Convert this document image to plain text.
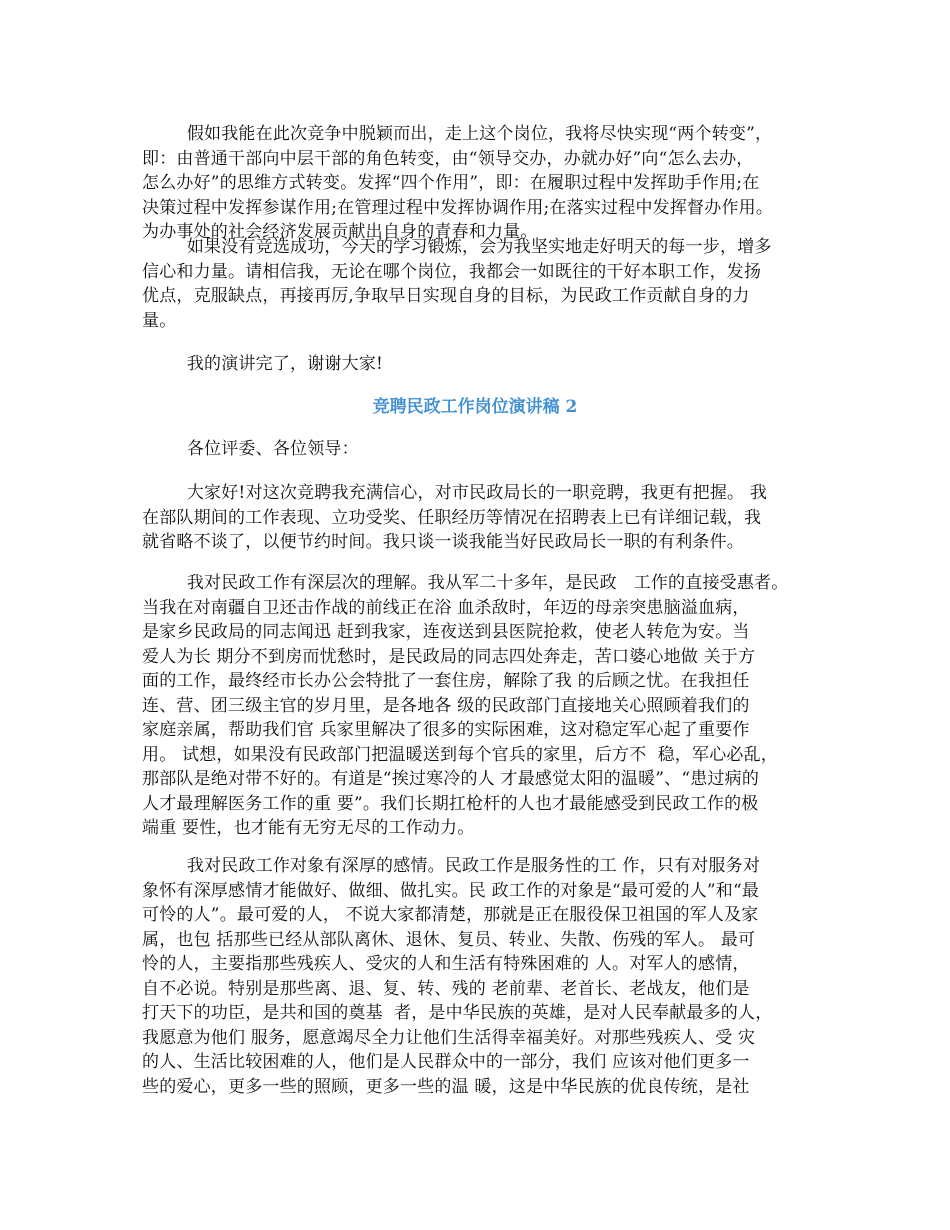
假如我能在此次竞争中脱颖而出，走上这个岗位，我将尽快实现“两个转变”，
即：由普通干部向中层干部的角色转变，由“领导交办，办就办好”向“怎么去办，
怎么办好”的思维方式转变。发挥“四个作用”，即：在履职过程中发挥助手作用;在
决策过程中发挥参谋作用;在管理过程中发挥协调作用;在落实过程中发挥督办作用。
为办事处的社会经济发展贡献出自身的青春和力量。
如果没有竞选成功，今天的学习锻炼，会为我坚实地走好明天的每一步，增多
信心和力量。请相信我，无论在哪个岗位，我都会一如既往的干好本职工作，发扬
优点，克服缺点，再接再厉,争取早日实现自身的目标，为民政工作贡献自身的力
量。
我的演讲完了，谢谢大家!
竞聘民政工作岗位演讲稿 2
各位评委、各位领导：
大家好!对这次竞聘我充满信心，对市民政局长的一职竞聘，我更有把握。 我
在部队期间的工作表现、立功受奖、任职经历等情况在招聘表上已有详细记载，我
就省略不谈了，以便节约时间。我只谈一谈我能当好民政局长一职的有利条件。
我对民政工作有深层次的理解。我从军二十多年，是民政   工作的直接受惠者。
当我在对南疆自卫还击作战的前线正在浴 血杀敌时，年迈的母亲突患脑溢血病，
是家乡民政局的同志闻迅 赶到我家，连夜送到县医院抢救，使老人转危为安。当
爱人为长 期分不到房而忧愁时，是民政局的同志四处奔走，苦口婆心地做 关于方
面的工作，最终经市长办公会特批了一套住房，解除了我 的后顾之忧。在我担任
连、营、团三级主官的岁月里，是各地各 级的民政部门直接地关心照顾着我们的
家庭亲属，帮助我们官 兵家里解决了很多的实际困难，这对稳定军心起了重要作
用。 试想，如果没有民政部门把温暖送到每个官兵的家里，后方不  稳，军心必乱，
那部队是绝对带不好的。有道是“挨过寒冷的人 才最感觉太阳的温暖”、“患过病的
人才最理解医务工作的重 要”。我们长期扛枪杆的人也才最能感受到民政工作的极
端重 要性，也才能有无穷无尽的工作动力。
我对民政工作对象有深厚的感情。民政工作是服务性的工 作，只有对服务对
象怀有深厚感情才能做好、做细、做扎实。民 政工作的对象是“最可爱的人”和“最
可怜的人”。最可爱的人， 不说大家都清楚，那就是正在服役保卫祖国的军人及家
属，也包 括那些已经从部队离休、退休、复员、转业、失散、伤残的军人。 最可
怜的人，主要指那些残疾人、受灾的人和生活有特殊困难的 人。对军人的感情，
自不必说。特别是那些离、退、复、转、残的 老前辈、老首长、老战友，他们是
打天下的功臣，是共和国的奠基  者，是中华民族的英雄，是对人民奉献最多的人，
我愿意为他们 服务，愿意竭尽全力让他们生活得幸福美好。对那些残疾人、受 灾
的人、生活比较困难的人，他们是人民群众中的一部分，我们 应该对他们更多一
些的爱心，更多一些的照顾，更多一些的温 暖，这是中华民族的优良传统，是社
